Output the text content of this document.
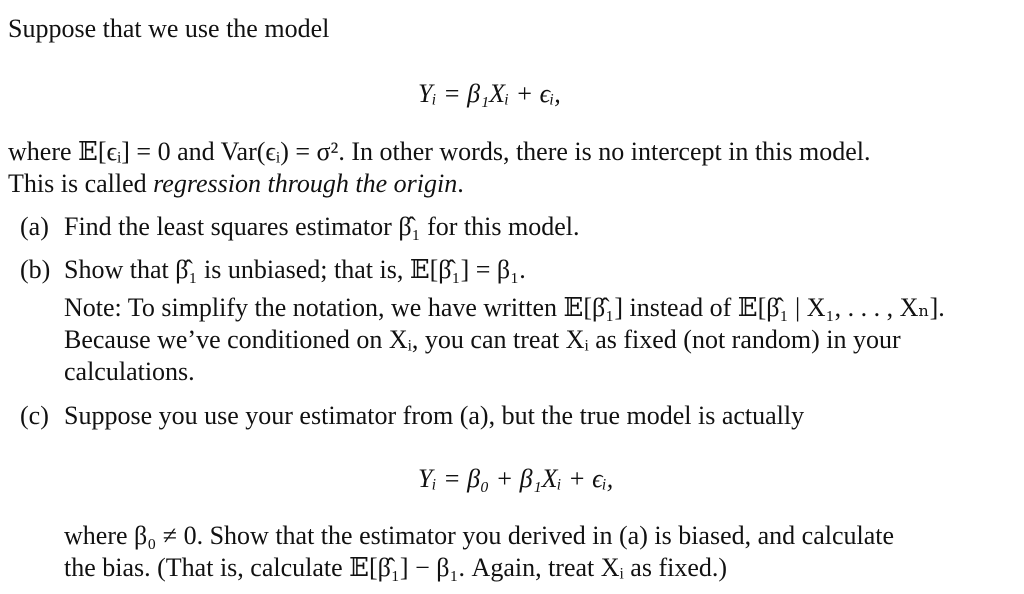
Suppose that we use the model
Yᵢ = β₁Xᵢ + ϵᵢ,
where 𝔼[ϵᵢ] = 0 and Var(ϵᵢ) = σ². In other words, there is no intercept in this model.
This is called regression through the origin.
(a) Find the least squares estimator β̂₁ for this model.
(b) Show that β̂₁ is unbiased; that is, 𝔼[β̂₁] = β₁.
Note: To simplify the notation, we have written 𝔼[β̂₁] instead of 𝔼[β̂₁ | X₁, . . . , Xₙ].
Because we’ve conditioned on Xᵢ, you can treat Xᵢ as fixed (not random) in your
calculations.
(c) Suppose you use your estimator from (a), but the true model is actually
Yᵢ = β₀ + β₁Xᵢ + ϵᵢ,
where β₀ ≠ 0. Show that the estimator you derived in (a) is biased, and calculate
the bias. (That is, calculate 𝔼[β̂₁] − β₁. Again, treat Xᵢ as fixed.)
